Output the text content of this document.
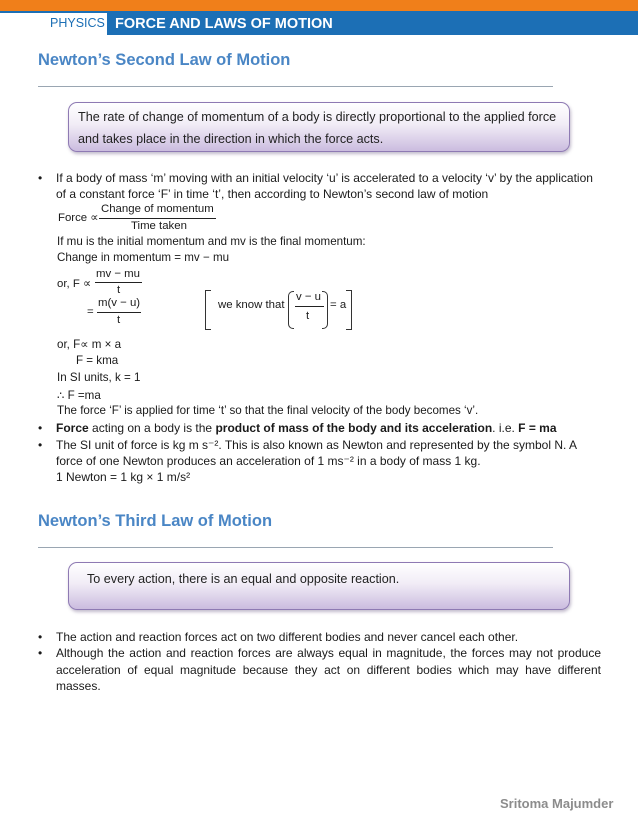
PHYSICS FORCE AND LAWS OF MOTION
Newton’s Second Law of Motion
The rate of change of momentum of a body is directly proportional to the applied force
and takes place in the direction in which the force acts.
• If a body of mass ‘m’ moving with an initial velocity ‘u’ is accelerated to a velocity ‘v’ by the application
of a constant force ‘F’ in time ‘t’, then according to Newton’s second law of motion
Force ∝
Change of momentum
Time taken
If mu is the initial momentum and mv is the final momentum:
Change in momentum = mv − mu
or, F ∝
mv − mu
t
=
m(v − u)
t
we know that
v − u
t
= a
or, F∝ m × a
F = kma
In SI units, k = 1
∴ F =ma
The force ‘F’ is applied for time ‘t’ so that the final velocity of the body becomes ‘v’.
• Force acting on a body is the product of mass of the body and its acceleration. i.e. F = ma
• The SI unit of force is kg m s⁻². This is also known as Newton and represented by the symbol N. A
force of one Newton produces an acceleration of 1 ms⁻² in a body of mass 1 kg.
1 Newton = 1 kg × 1 m/s²
Newton’s Third Law of Motion
To every action, there is an equal and opposite reaction.
• The action and reaction forces act on two different bodies and never cancel each other.
• Although the action and reaction forces are always equal in magnitude, the forces may not produce acceleration of equal magnitude because they act on different bodies which may have different masses.
Sritoma Majumder
